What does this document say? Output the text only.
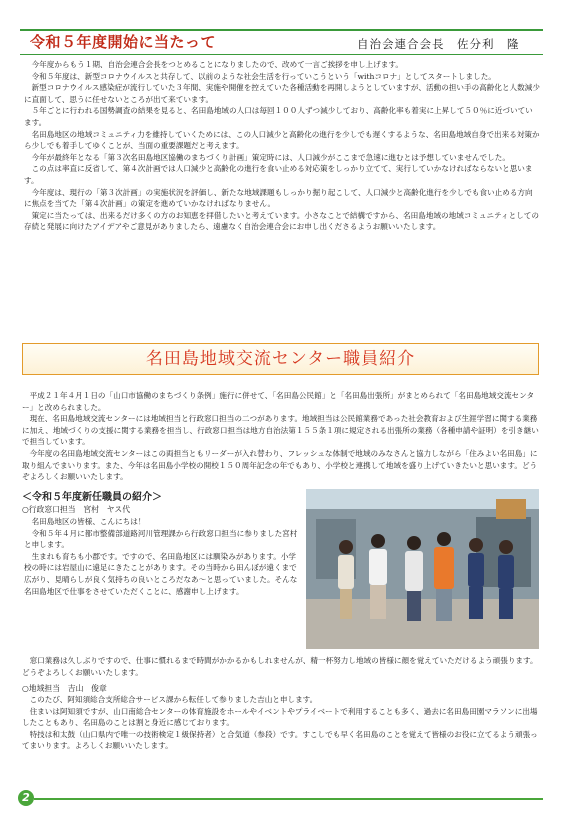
令和５年度開始に当たって	自治会連合会長　佐分利　隆

今年度からもう１期、自治会連合会長をつとめることになりましたので、改めて一言ご挨拶を申し上げます。

令和５年度は、新型コロナウイルスと共存して、以前のような社会生活を行っていこうという「withコロナ」としてスタートしました。

新型コロナウイルス感染症が流行していた３年間、実施や開催を控えていた各種活動を再開しようとしていますが、活動の担い手の高齢化と人数減少に直面して、思うに任せないところが出て来ています。

５年ごとに行われる国勢調査の結果を見ると、名田島地域の人口は毎回１００人ずつ減少しており、高齢化率も着実に上昇して５０％に近づいています。

名田島地区の地域コミュニティ力を維持していくためには、この人口減少と高齢化の進行を少しでも遅くするような、名田島地域自身で出来る対策から少しでも着手してゆくことが、当面の重要課題だと考えます。

今年が最終年となる「第３次名田島地区協働のまちづくり計画」策定時には、人口減少がここまで急速に進むとは予想していませんでした。

この点は率直に反省して、第４次計画では人口減少と高齢化の進行を食い止める対応策をしっかり立てて、実行していかなければならないと思います。

今年度は、現行の「第３次計画」の実施状況を評価し、新たな地域課題もしっかり掘り起こして、人口減少と高齢化進行を少しでも食い止める方向に焦点を当てた「第４次計画」の策定を進めていかなければなりません。

策定に当たっては、出来るだけ多くの方のお知恵を拝借したいと考えています。小さなことで結構ですから、名田島地域の地域コミュニティとしての存続と発展に向けたアイデアやご意見がありましたら、遠慮なく自治会連合会にお申し出くださるようお願いいたします。

名田島地域交流センター職員紹介

平成２１年４月１日の「山口市協働のまちづくり条例」施行に併せて、「名田島公民館」と「名田島出張所」がまとめられて「名田島地域交流センター」と改められました。

現在、名田島地域交流センターには地域担当と行政窓口担当の二つがあります。地域担当は公民館業務であった社会教育および生涯学習に関する業務に加え、地域づくりの支援に関する業務を担当し、行政窓口担当は地方自治法第１５５条１項に規定される出張所の業務（各種申請や証明）を引き継いで担当しています。

今年度の名田島地域交流センターはこの両担当ともリーダーが入れ替わり、フレッシュな体制で地域のみなさんと協力しながら「住みよい名田島」に取り組んでまいります。また、今年は名田島小学校の開校１５０周年記念の年でもあり、小学校と連携して地域を盛り上げていきたいと思います。どうぞよろしくお願いいたします。

＜令和５年度新任職員の紹介＞
○行政窓口担当　宮村　ヤス代

名田島地区の皆様、こんにちは！

令和５年４月に都市整備部道路河川管理課から行政窓口担当に参りました宮村と申します。

生まれも育ちも小郡です。ですので、名田島地区には馴染みがあります。小学校の時には岩屋山に遠足にきたことがあります。その当時から田んぼが遠くまで広がり、見晴らしが良く気持ちの良いところだなあ〜と思っていました。そんな名田島地区で仕事をさせていただくことに、感謝申し上げます。

窓口業務は久しぶりですので、仕事に慣れるまで時間がかかるかもしれませんが、精一杯努力し地域の皆様に顔を覚えていただけるよう頑張ります。どうぞよろしくお願いいたします。

○地域担当　吉山　俊章

このたび、阿知須総合支所総合サービス課から転任して参りました吉山と申します。

住まいは阿知須ですが、山口南総合センターの体育施設をホールやイベントやプライベートで利用することも多く、過去に名田島田園マラソンに出場したこともあり、名田島のことは割と身近に感じております。

特技は和太鼓（山口県内で唯一の技術検定１級保持者）と合気道（参段）です。すこしでも早く名田島のことを覚えて皆様のお役に立てるよう頑張ってまいります。よろしくお願いいたします。

2
